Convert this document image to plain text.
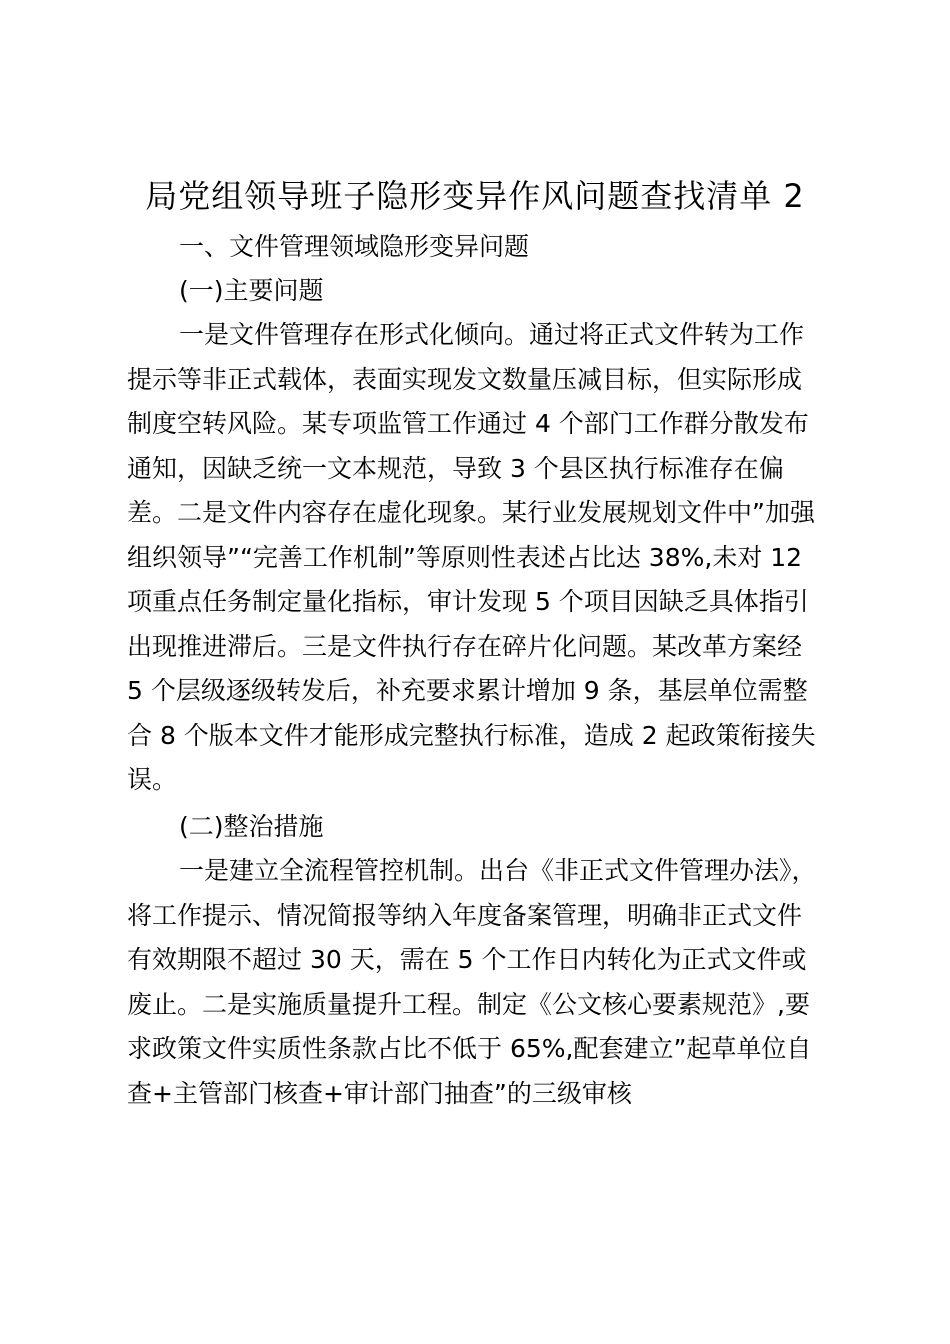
局党组领导班子隐形变异作风问题查找清单 2
一、文件管理领域隐形变异问题
(一)主要问题
一是文件管理存在形式化倾向。通过将正式文件转为工作
提示等非正式载体，表面实现发文数量压减目标，但实际形成
制度空转风险。某专项监管工作通过 4 个部门工作群分散发布
通知，因缺乏统一文本规范，导致 3 个县区执行标准存在偏
差。二是文件内容存在虚化现象。某行业发展规划文件中”加强
组织领导”“完善工作机制”等原则性表述占比达 38%,未对 12
项重点任务制定量化指标，审计发现 5 个项目因缺乏具体指引
出现推进滞后。三是文件执行存在碎片化问题。某改革方案经
5 个层级逐级转发后，补充要求累计增加 9 条，基层单位需整
合 8 个版本文件才能形成完整执行标准，造成 2 起政策衔接失
误。
(二)整治措施
一是建立全流程管控机制。出台《非正式文件管理办法》，
将工作提示、情况简报等纳入年度备案管理，明确非正式文件
有效期限不超过 30 天，需在 5 个工作日内转化为正式文件或
废止。二是实施质量提升工程。制定《公文核心要素规范》,要
求政策文件实质性条款占比不低于 65%,配套建立”起草单位自
查+主管部门核查+审计部门抽查”的三级审核
